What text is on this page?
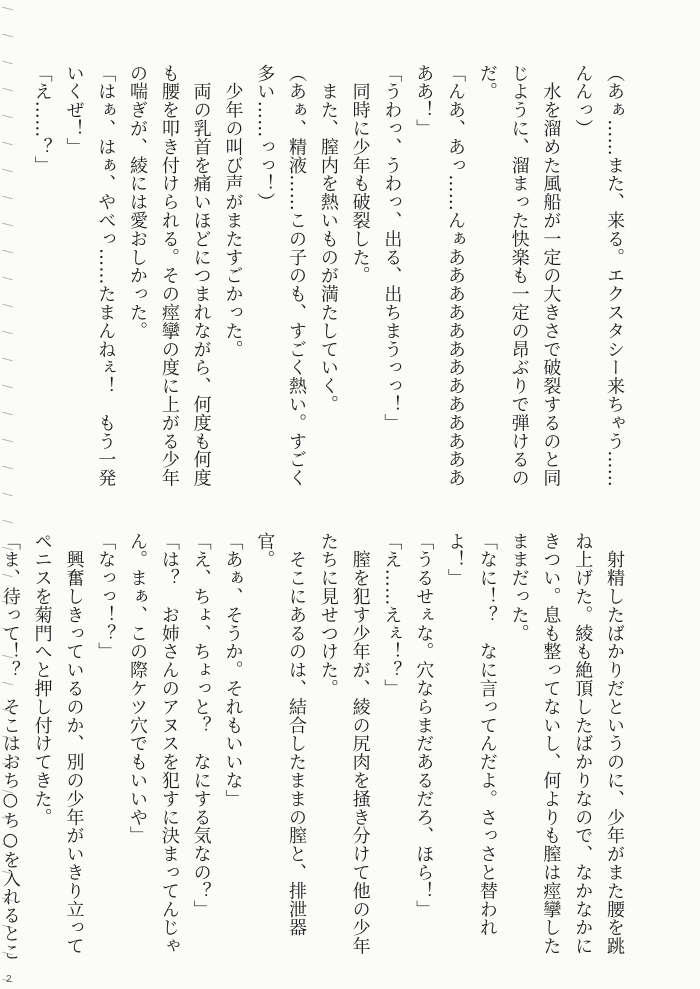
（あぁ……また、来る。エクスタシー来ちゃう……んんっ）
　水を溜めた風船が一定の大きさで破裂するのと同じように、溜まった快楽も一定の昂ぶりで弾けるのだ。
「んあ、あっ……んぁあああああああああああああああ！」
「うわっ、うわっ、出る、出ちまうっっ！」
　同時に少年も破裂した。
　また、膣内を熱いものが満たしていく。
（あぁ、精液……この子のも、すごく熱い。すごく多い……っっ！）
　少年の叫び声がまたすごかった。
　両の乳首を痛いほどにつまれながら、何度も何度も腰を叩き付けられる。その痙攣の度に上がる少年の喘ぎが、綾には愛おしかった。
「はぁ、はぁ、やべっ……たまんねぇ！　もう一発いくぜ！」
「え……？」
　射精したばかりだというのに、少年がまた腰を跳ね上げた。綾も絶頂したばかりなので、なかなかにきつい。息も整ってないし、何よりも膣は痙攣したままだった。
「なに！？　なに言ってんだよ。さっさと替われよ！」
「うるせぇな。穴ならまだあるだろ、ほら！」
「え……えぇ！？」
　膣を犯す少年が、綾の尻肉を掻き分けて他の少年たちに見せつけた。
　そこにあるのは、結合したままの膣と、排泄器官。
「あぁ、そうか。それもいいな」
「え、ちょ、ちょっと？　なにする気なの？」
「は？　お姉さんのアヌスを犯すに決まってんじゃん。まぁ、この際ケツ穴でもいいや」
「なっっ！？」
　興奮しきっているのか、別の少年がいきり立ってペニスを菊門へと押し付けてきた。
「ま、待って！？　そこはおち○ち○を入れるとこ
2
